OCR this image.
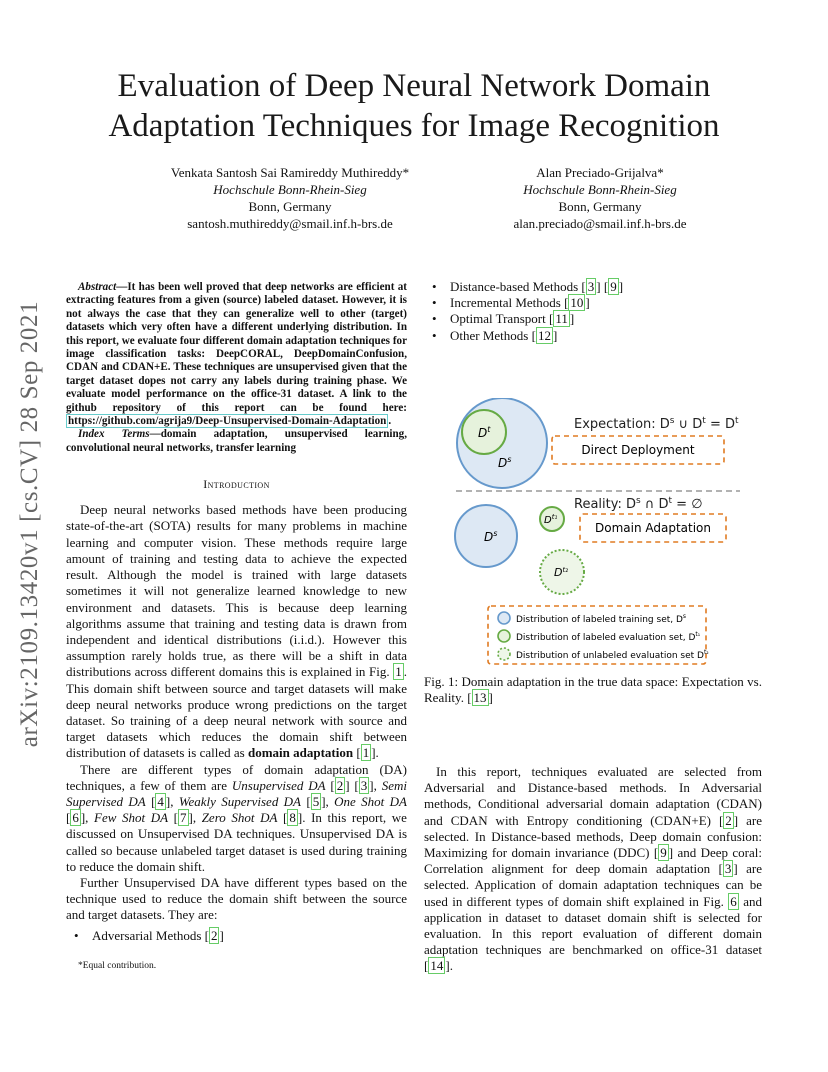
Evaluation of Deep Neural Network Domain
Adaptation Techniques for Image Recognition
Venkata Santosh Sai Ramireddy Muthireddy*
Hochschule Bonn-Rhein-Sieg
Bonn, Germany
santosh.muthireddy@smail.inf.h-brs.de
Alan Preciado-Grijalva*
Hochschule Bonn-Rhein-Sieg
Bonn, Germany
alan.preciado@smail.inf.h-brs.de
arXiv:2109.13420v1 [cs.CV] 28 Sep 2021

Abstract—It has been well proved that deep networks are efficient at extracting features from a given (source) labeled dataset. However, it is not always the case that they can generalize well to other (target) datasets which very often have a different underlying distribution. In this report, we evaluate four different domain adaptation techniques for image classification tasks: DeepCORAL, DeepDomainConfusion, CDAN and CDAN+E. These techniques are unsupervised given that the target dataset dopes not carry any labels during training phase. We evaluate model performance on the office-31 dataset. A link to the github repository of this report can be found here: https://github.com/agrija9/Deep-Unsupervised-Domain-Adaptation .

Index Terms—domain adaptation, unsupervised learning, convolutional neural networks, transfer learning

Introduction

Deep neural networks based methods have been producing state-of-the-art (SOTA) results for many problems in machine learning and computer vision. These methods require large amount of training and testing data to achieve the expected result. Although the model is trained with large datasets sometimes it will not generalize learned knowledge to new environment and datasets. This is because deep learning algorithms assume that training and testing data is drawn from independent and identical distributions (i.i.d.). However this assumption rarely holds true, as there will be a shift in data distributions across different domains this is explained in Fig. 1 . This domain shift between source and target datasets will make deep neural networks produce wrong predictions on the target dataset. So training of a deep neural network with source and target datasets which reduces the domain shift between distribution of datasets is called as domain adaptation [ 1 ].

There are different types of domain adaptation (DA) techniques, a few of them are Unsupervised DA [ 2 ] [ 3 ], Semi Supervised DA [ 4 ], Weakly Supervised DA [ 5 ], One Shot DA [ 6 ], Few Shot DA [ 7 ], Zero Shot DA [ 8 ]. In this report, we discussed on Unsupervised DA techniques. Unsupervised DA is called so because unlabeled target dataset is used during training to reduce the domain shift.

Further Unsupervised DA have different types based on the technique used to reduce the domain shift between the source and target datasets. They are:

• Adversarial Methods [ 2 ]
*Equal contribution.
• Distance-based Methods [ 3 ] [ 9 ]
• Incremental Methods [ 10 ]
• Optimal Transport [ 11 ]
• Other Methods [ 12 ]
$D^t$
$D^s$
Expectation: $D^s$ ∪ $D^t = D^t$
Direct Deployment
$D^s$
$D^{t_1}$
$D^{t_2}$
Reality: $D^s$ ∩ $D^t$ = ∅
Domain Adaptation
Distribution of labeled training set, $D^s$
Distribution of labeled evaluation set, $D^{t_1}$
Distribution of unlabeled evaluation set $D^{t_2}$

Fig. 1: Domain adaptation in the true data space: Expectation vs. Reality. [ 13 ]

In this report, techniques evaluated are selected from Adversarial and Distance-based methods. In Adversarial methods, Conditional adversarial domain adaptation (CDAN) and CDAN with Entropy conditioning (CDAN+E) [ 2 ] are selected. In Distance-based methods, Deep domain confusion: Maximizing for domain invariance (DDC) [ 9 ] and Deep coral: Correlation alignment for deep domain adaptation [ 3 ] are selected. Application of domain adaptation techniques can be used in different types of domain shift explained in Fig. 6 and application in dataset to dataset domain shift is selected for evaluation. In this report evaluation of different domain adaptation techniques are benchmarked on office-31 dataset [ 14 ].
